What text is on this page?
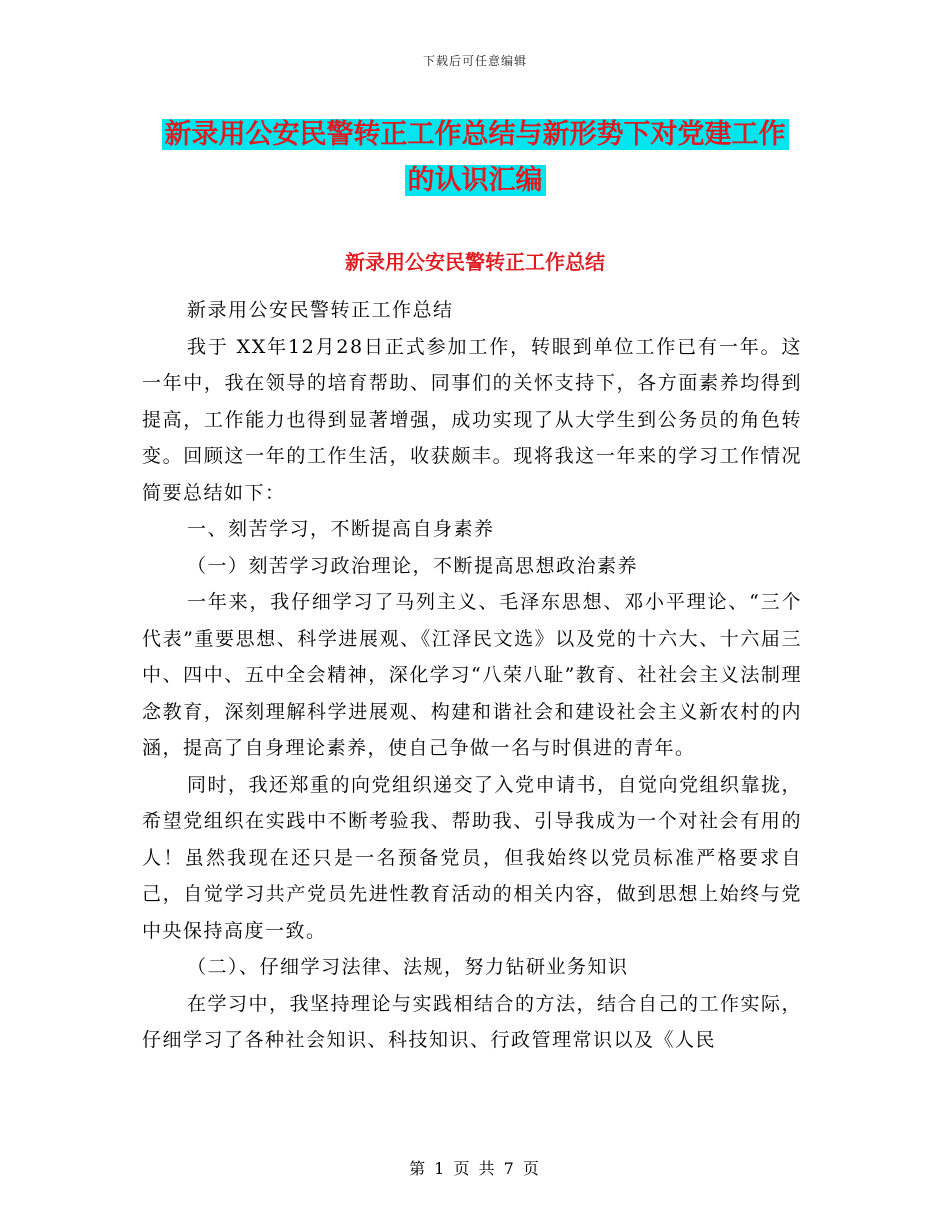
下载后可任意编辑
新录用公安民警转正工作总结与新形势下对党建工作
的认识汇编
新录用公安民警转正工作总结

新录用公安民警转正工作总结

我于 XX年12月28日正式参加工作，转眼到单位工作已有一年。这一年中，我在领导的培育帮助、同事们的关怀支持下，各方面素养均得到提高，工作能力也得到显著增强，成功实现了从大学生到公务员的角色转变。回顾这一年的工作生活，收获颇丰。现将我这一年来的学习工作情况简要总结如下：

一、刻苦学习，不断提高自身素养

（一）刻苦学习政治理论，不断提高思想政治素养

一年来，我仔细学习了马列主义、毛泽东思想、邓小平理论、“三个代表”重要思想、科学进展观、《江泽民文选》以及党的十六大、十六届三中、四中、五中全会精神，深化学习“八荣八耻”教育、社社会主义法制理念教育，深刻理解科学进展观、构建和谐社会和建设社会主义新农村的内涵，提高了自身理论素养，使自己争做一名与时俱进的青年。

同时，我还郑重的向党组织递交了入党申请书，自觉向党组织靠拢，希望党组织在实践中不断考验我、帮助我、引导我成为一个对社会有用的人！虽然我现在还只是一名预备党员，但我始终以党员标准严格要求自己，自觉学习共产党员先进性教育活动的相关内容，做到思想上始终与党中央保持高度一致。

（二）、仔细学习法律、法规，努力钻研业务知识

在学习中，我坚持理论与实践相结合的方法，结合自己的工作实际，仔细学习了各种社会知识、科技知识、行政管理常识以及《人民

第 1 页 共 7 页
